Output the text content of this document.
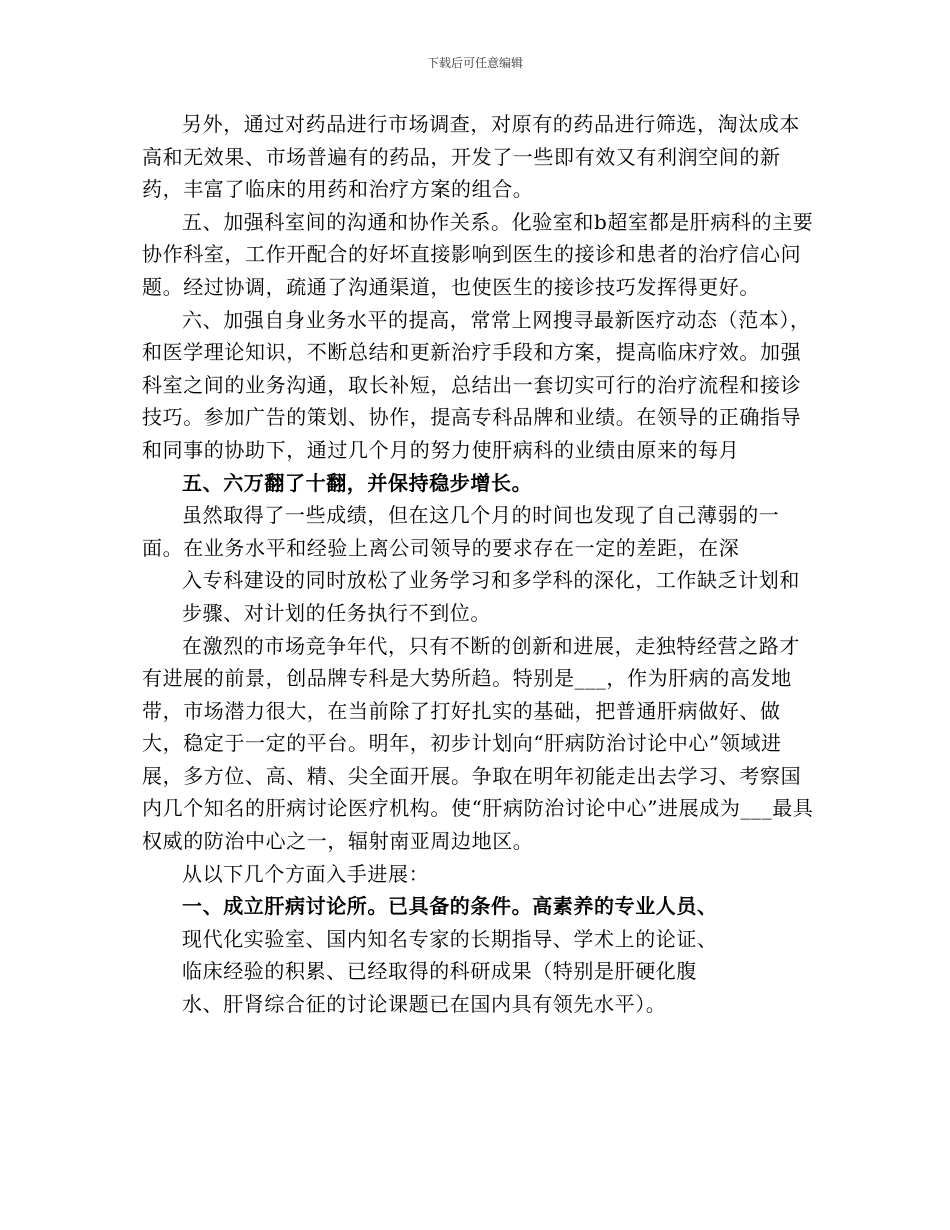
下载后可任意编辑

另外，通过对药品进行市场调查，对原有的药品进行筛选，淘汰成本高和无效果、市场普遍有的药品，开发了一些即有效又有利润空间的新药，丰富了临床的用药和治疗方案的组合。

五、加强科室间的沟通和协作关系。化验室和b超室都是肝病科的主要协作科室，工作开配合的好坏直接影响到医生的接诊和患者的治疗信心问题。经过协调，疏通了沟通渠道，也使医生的接诊技巧发挥得更好。

六、加强自身业务水平的提高，常常上网搜寻最新医疗动态（范本），和医学理论知识，不断总结和更新治疗手段和方案，提高临床疗效。加强科室之间的业务沟通，取长补短，总结出一套切实可行的治疗流程和接诊技巧。参加广告的策划、协作，提高专科品牌和业绩。在领导的正确指导和同事的协助下，通过几个月的努力使肝病科的业绩由原来的每月

五、六万翻了十翻，并保持稳步增长。

虽然取得了一些成绩，但在这几个月的时间也发现了自己薄弱的一面。在业务水平和经验上离公司领导的要求存在一定的差距，在深

入专科建设的同时放松了业务学习和多学科的深化，工作缺乏计划和步骤、对计划的任务执行不到位。

在激烈的市场竞争年代，只有不断的创新和进展，走独特经营之路才有进展的前景，创品牌专科是大势所趋。特别是___，作为肝病的高发地带，市场潜力很大，在当前除了打好扎实的基础，把普通肝病做好、做大，稳定于一定的平台。明年，初步计划向“肝病防治讨论中心”领域进展，多方位、高、精、尖全面开展。争取在明年初能走出去学习、考察国内几个知名的肝病讨论医疗机构。使“肝病防治讨论中心”进展成为___最具权威的防治中心之一，辐射南亚周边地区。

从以下几个方面入手进展：

一、成立肝病讨论所。已具备的条件。高素养的专业人员、

现代化实验室、国内知名专家的长期指导、学术上的论证、临床经验的积累、已经取得的科研成果（特别是肝硬化腹水、肝肾综合征的讨论课题已在国内具有领先水平）。
